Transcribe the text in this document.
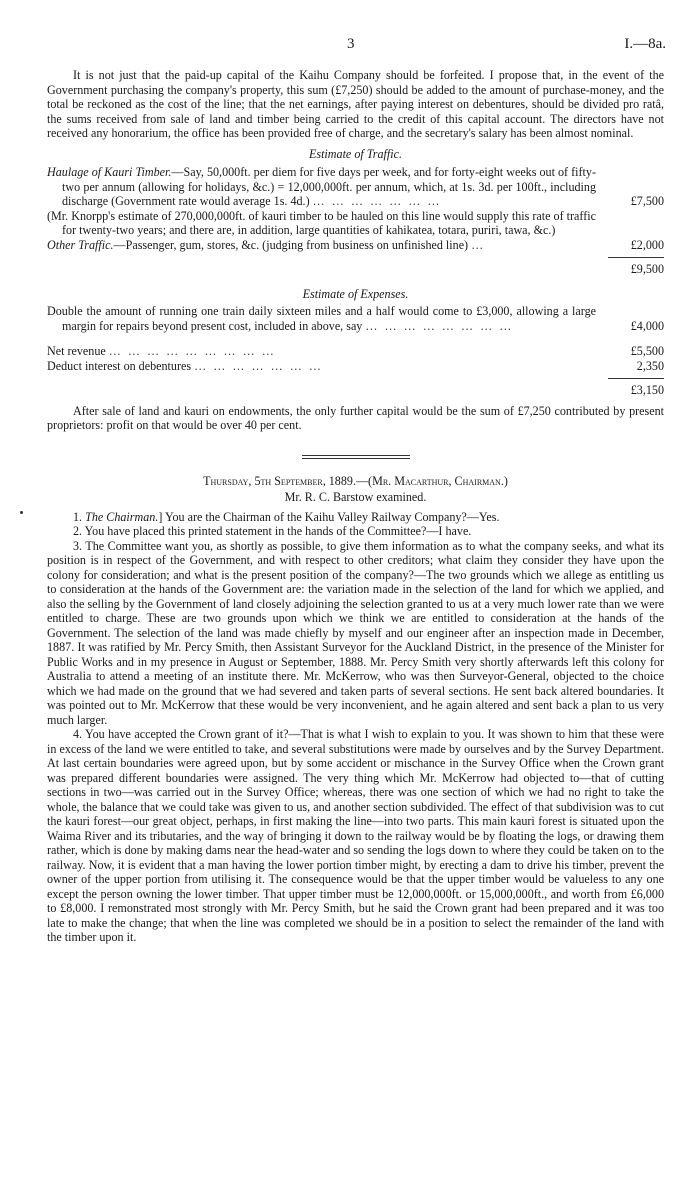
3	I.—8a.

It is not just that the paid-up capital of the Kaihu Company should be forfeited. I propose that, in the event of the Government purchasing the company's property, this sum (£7,250) should be added to the amount of purchase-money, and the total be reckoned as the cost of the line; that the net earnings, after paying interest on debentures, should be divided pro ratâ, the sums received from sale of land and timber being carried to the credit of this capital account. The directors have not received any honorarium, the office has been provided free of charge, and the secretary's salary has been almost nominal.

Estimate of Traffic.
Haulage of Kauri Timber.—Say, 50,000ft. per diem for five days per week, and for forty-eight weeks out of fifty-two per annum (allowing for holidays, &c.) = 12,000,000ft. per annum, which, at 1s. 3d. per 100ft., including discharge (Government rate would average 1s. 4d.) … … … … … … …	£7,500
(Mr. Knorpp's estimate of 270,000,000ft. of kauri timber to be hauled on this line would supply this rate of traffic for twenty-two years; and there are, in addition, large quantities of kahikatea, totara, puriri, tawa, &c.)
Other Traffic.—Passenger, gum, stores, &c. (judging from business on unfinished line) …	£2,000
£9,500
Estimate of Expenses.
Double the amount of running one train daily sixteen miles and a half would come to £3,000, allowing a large margin for repairs beyond present cost, included in above, say … … … … … … … …	£4,000
Net revenue … … … … … … … … …	£5,500
Deduct interest on debentures … … … … … … …	2,350
£3,150

After sale of land and kauri on endowments, the only further capital would be the sum of £7,250 contributed by present proprietors: profit on that would be over 40 per cent.

Thursday, 5th September, 1889.—(Mr. Macarthur, Chairman.)
Mr. R. C. Barstow examined.

1. The Chairman.] You are the Chairman of the Kaihu Valley Railway Company?—Yes.

2. You have placed this printed statement in the hands of the Committee?—I have.

3. The Committee want you, as shortly as possible, to give them information as to what the company seeks, and what its position is in respect of the Government, and with respect to other creditors; what claim they consider they have upon the colony for consideration; and what is the present position of the company?—The two grounds which we allege as entitling us to consideration at the hands of the Government are: the variation made in the selection of the land for which we applied, and also the selling by the Government of land closely adjoining the selection granted to us at a very much lower rate than we were entitled to charge. These are two grounds upon which we think we are entitled to consideration at the hands of the Government. The selection of the land was made chiefly by myself and our engineer after an inspection made in December, 1887. It was ratified by Mr. Percy Smith, then Assistant Surveyor for the Auckland District, in the presence of the Minister for Public Works and in my presence in August or September, 1888. Mr. Percy Smith very shortly afterwards left this colony for Australia to attend a meeting of an institute there. Mr. McKerrow, who was then Surveyor-General, objected to the choice which we had made on the ground that we had severed and taken parts of several sections. He sent back altered boundaries. It was pointed out to Mr. McKerrow that these would be very inconvenient, and he again altered and sent back a plan to us very much larger.

4. You have accepted the Crown grant of it?—That is what I wish to explain to you. It was shown to him that these were in excess of the land we were entitled to take, and several substitutions were made by ourselves and by the Survey Department. At last certain boundaries were agreed upon, but by some accident or mischance in the Survey Office when the Crown grant was prepared different boundaries were assigned. The very thing which Mr. McKerrow had objected to—that of cutting sections in two—was carried out in the Survey Office; whereas, there was one section of which we had no right to take the whole, the balance that we could take was given to us, and another section subdivided. The effect of that subdivision was to cut the kauri forest—our great object, perhaps, in first making the line—into two parts. This main kauri forest is situated upon the Waima River and its tributaries, and the way of bringing it down to the railway would be by floating the logs, or drawing them rather, which is done by making dams near the head-water and so sending the logs down to where they could be taken on to the railway. Now, it is evident that a man having the lower portion timber might, by erecting a dam to drive his timber, prevent the owner of the upper portion from utilising it. The consequence would be that the upper timber would be valueless to any one except the person owning the lower timber. That upper timber must be 12,000,000ft. or 15,000,000ft., and worth from £6,000 to £8,000. I remonstrated most strongly with Mr. Percy Smith, but he said the Crown grant had been prepared and it was too late to make the change; that when the line was completed we should be in a position to select the remainder of the land with the timber upon it.
